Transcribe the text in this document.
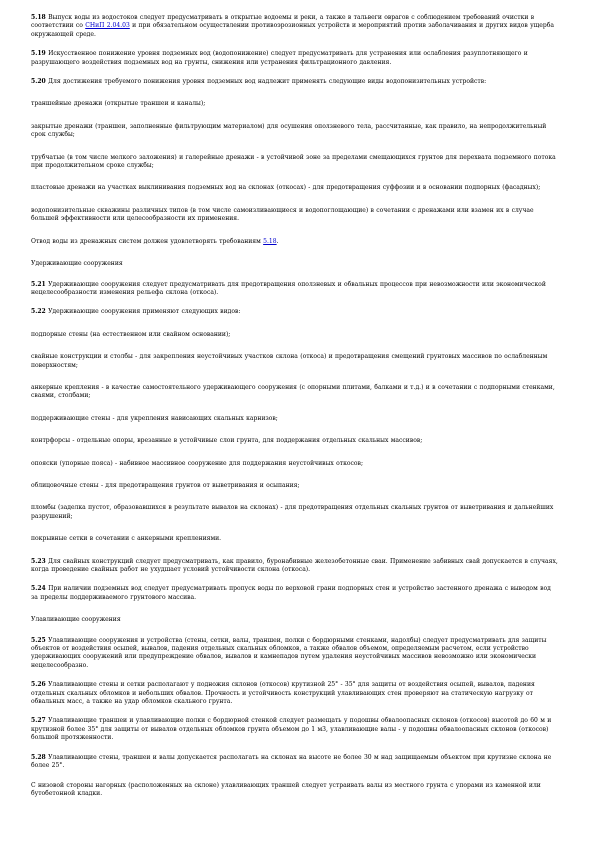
5.18 Выпуск воды из водостоков следует предусматривать в открытые водоемы и реки, а также в тальвеги оврагов с соблюдением требований очистки в соответствии со СНиП 2.04.03 и при обязательном осуществлении противоэрозионных устройств и мероприятий против заболачивания и других видов ущерба окружающей среде.

5.19 Искусственное понижение уровня подземных вод (водопонижение) следует предусматривать для устранения или ослабления разуплотняющего и разрушающего воздействия подземных вод на грунты, снижения или устранения фильтрационного давления.

5.20 Для достижения требуемого понижения уровня подземных вод надлежит применять следующие виды водопонизительных устройств:

траншейные дренажи (открытые траншеи и каналы);

закрытые дренажи (траншеи, заполненные фильтрующим материалом) для осушения оползневого тела, рассчитанные, как правило, на непродолжительный срок службы;

трубчатые (в том числе мелкого заложения) и галерейные дренажи - в устойчивой зоне за пределами смещающихся грунтов для перехвата подземного потока при продолжительном сроке службы;

пластовые дренажи на участках выклинивания подземных вод на склонах (откосах) - для предотвращения суффозии и в основании подпорных (фасадных);

водопонизительные скважины различных типов (в том числе самоизливающиеся и водопоглощающие) в сочетании с дренажами или взамен их в случае большей эффективности или целесообразности их применения.

Отвод воды из дренажных систем должен удовлетворять требованиям 5.18.

Удерживающие сооружения

5.21 Удерживающие сооружения следует предусматривать для предотвращения оползневых и обвальных процессов при невозможности или экономической нецелесообразности изменения рельефа склона (откоса).

5.22 Удерживающие сооружения применяют следующих видов:

подпорные стены (на естественном или свайном основании);

свайные конструкции и столбы - для закрепления неустойчивых участков склона (откоса) и предотвращения смещений грунтовых массивов по ослабленным поверхностям;

анкерные крепления - в качестве самостоятельного удерживающего сооружения (с опорными плитами, балками и т.д.) и в сочетании с подпорными стенками, сваями, столбами;

поддерживающие стены - для укрепления нависающих скальных карнизов;

контрфорсы - отдельные опоры, врезанные в устойчивые слои грунта, для поддержания отдельных скальных массивов;

опояски (упорные пояса) - набивное массивное сооружение для поддержания неустойчивых откосов;

облицовочные стены - для предотвращения грунтов от выветривания и осыпания;

пломбы (заделка пустот, образовавшихся в результате вывалов на склонах) - для предотвращения отдельных скальных грунтов от выветривания и дальнейших разрушений;

покрывные сетки в сочетании с анкерными креплениями.

5.23 Для свайных конструкций следует предусматривать, как правило, буронабивные железобетонные сваи. Применение забивных свай допускается в случаях, когда проведение свайных работ не ухудшает условий устойчивости склона (откоса).

5.24 При наличии подземных вод следует предусматривать пропуск воды по верховой грани подпорных стен и устройство застенного дренажа с выводом вод за пределы поддерживаемого грунтового массива.

Улавливающие сооружения

5.25 Улавливающие сооружения и устройства (стены, сетки, валы, траншеи, полки с бордюрными стенками, надолбы) следует предусматривать для защиты объектов от воздействия осыпей, вывалов, падения отдельных скальных обломков, а также обвалов объемом, определяемым расчетом, если устройство удерживающих сооружений или предупреждение обвалов, вывалов и камнепадов путем удаления неустойчивых массивов невозможно или экономически нецелесообразно.

5.26 Улавливающие стены и сетки располагают у подножия склонов (откосов) крутизной 25° - 35° для защиты от воздействия осыпей, вывалов, падения отдельных скальных обломков и небольших обвалов. Прочность и устойчивость конструкций улавливающих стен проверяют на статическую нагрузку от обвальных масс, а также на удар обломков скального грунта.

5.27 Улавливающие траншеи и улавливающие полки с бордюрной стенкой следует размещать у подошвы обвалоопасных склонов (откосов) высотой до 60 м и крутизной более 35° для защиты от вывалов отдельных обломков грунта объемом до 1 м3, улавливающие валы - у подошвы обвалоопасных склонов (откосов) большой протяженности.

5.28 Улавливающие стены, траншеи и валы допускается располагать на склонах на высоте не более 30 м над защищаемым объектом при крутизне склона не более 25°.

С низовой стороны нагорных (расположенных на склоне) улавливающих траншей следует устраивать валы из местного грунта с упорами из каменной или бутобетонной кладки.
